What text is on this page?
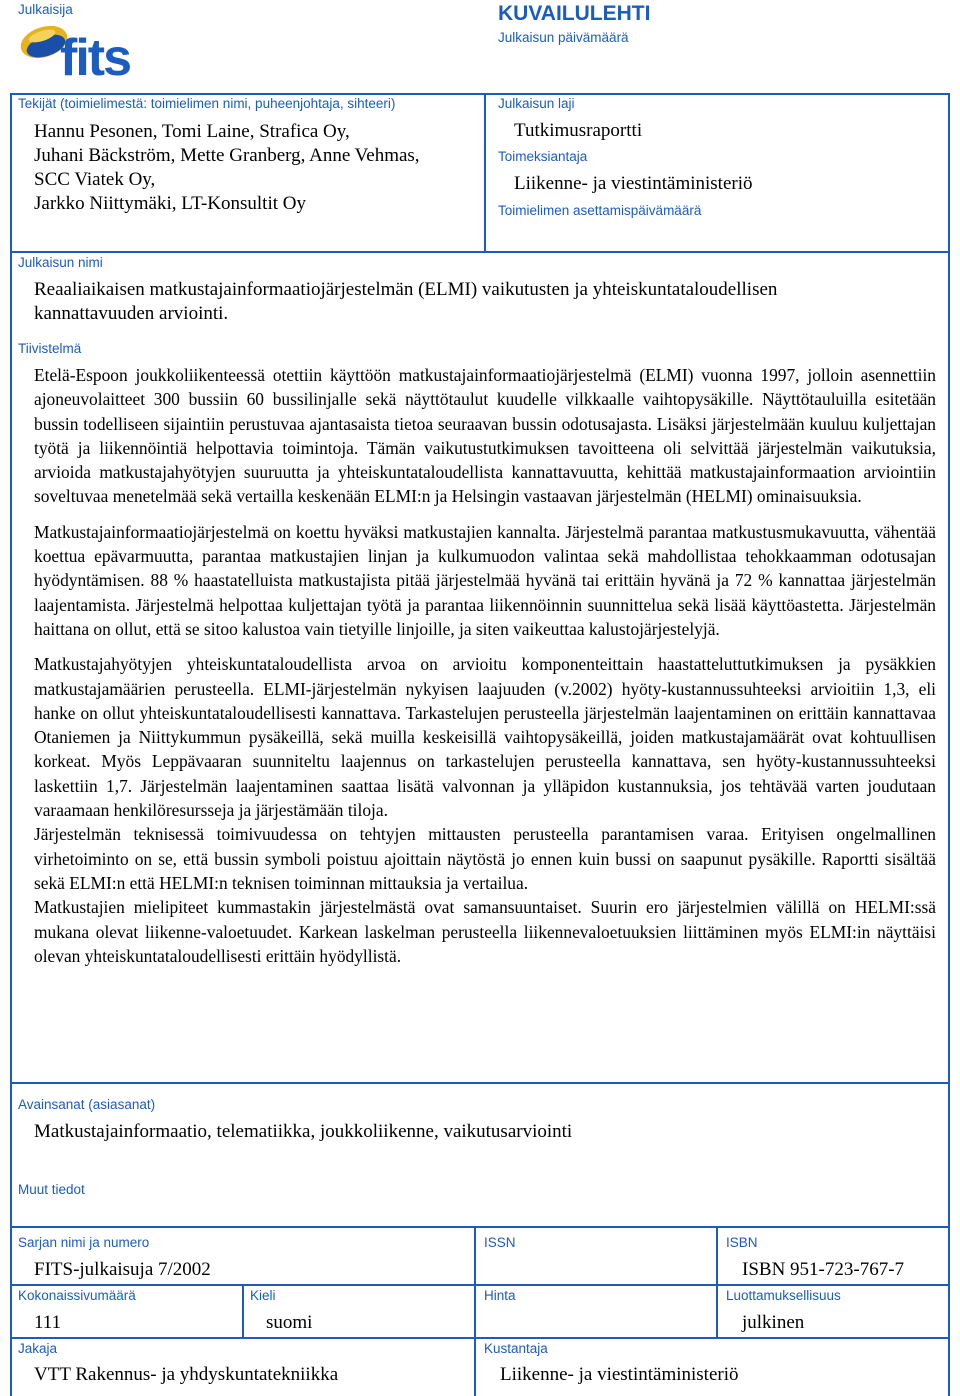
Julkaisija
fits
KUVAILULEHTI
Julkaisun päivämäärä
Tekijät (toimielimestä: toimielimen nimi, puheenjohtaja, sihteeri)
Hannu Pesonen, Tomi Laine, Strafica Oy,
Juhani Bäckström, Mette Granberg, Anne Vehmas,
SCC Viatek Oy,
Jarkko Niittymäki, LT-Konsultit Oy
Julkaisun laji
Tutkimusraportti
Toimeksiantaja
Liikenne- ja viestintäministeriö
Toimielimen asettamispäivämäärä
Julkaisun nimi
Reaaliaikaisen matkustajainformaatiojärjestelmän (ELMI) vaikutusten ja yhteiskuntataloudellisen
kannattavuuden arviointi.
Tiivistelmä

Etelä-Espoon joukkoliikenteessä otettiin käyttöön matkustajainformaatiojärjestelmä (ELMI) vuonna 1997, jolloin asennettiin ajoneuvolaitteet 300 bussiin 60 bussilinjalle sekä näyttötaulut kuudelle vilkkaalle vaihtopysäkille. Näyttötauluilla esitetään bussin todelliseen sijaintiin perustuvaa ajantasaista tietoa seuraavan bussin odotusajasta. Lisäksi järjestelmään kuuluu kuljettajan työtä ja liikennöintiä helpottavia toimintoja. Tämän vaikutustutkimuksen tavoitteena oli selvittää järjestelmän vaikutuksia, arvioida matkustajahyötyjen suuruutta ja yhteiskuntataloudellista kannattavuutta, kehittää matkustajainformaation arviointiin soveltuvaa menetelmää sekä vertailla keskenään ELMI:n ja Helsingin vastaavan järjestelmän (HELMI) ominaisuuksia.

Matkustajainformaatiojärjestelmä on koettu hyväksi matkustajien kannalta. Järjestelmä parantaa matkustusmukavuutta, vähentää koettua epävarmuutta, parantaa matkustajien linjan ja kulkumuodon valintaa sekä mahdollistaa tehokkaamman odotusajan hyödyntämisen. 88 % haastatelluista matkustajista pitää järjestelmää hyvänä tai erittäin hyvänä ja 72 % kannattaa järjestelmän laajentamista. Järjestelmä helpottaa kuljettajan työtä ja parantaa liikennöinnin suunnittelua sekä lisää käyttöastetta. Järjestelmän haittana on ollut, että se sitoo kalustoa vain tietyille linjoille, ja siten vaikeuttaa kalustojärjestelyjä.

Matkustajahyötyjen yhteiskuntataloudellista arvoa on arvioitu komponenteittain haastatteluttutkimuksen ja pysäkkien matkustajamäärien perusteella. ELMI-järjestelmän nykyisen laajuuden (v.2002) hyöty-kustannussuhteeksi arvioitiin 1,3, eli hanke on ollut yhteiskuntataloudellisesti kannattava. Tarkastelujen perusteella järjestelmän laajentaminen on erittäin kannattavaa Otaniemen ja Niittykummun pysäkeillä, sekä muilla keskeisillä vaihtopysäkeillä, joiden matkustajamäärät ovat kohtuullisen korkeat. Myös Leppävaaran suunniteltu laajennus on tarkastelujen perusteella kannattava, sen hyöty-kustannussuhteeksi laskettiin 1,7. Järjestelmän laajentaminen saattaa lisätä valvonnan ja ylläpidon kustannuksia, jos tehtävää varten joudutaan varaamaan henkilöresursseja ja järjestämään tiloja.

Järjestelmän teknisessä toimivuudessa on tehtyjen mittausten perusteella parantamisen varaa. Erityisen ongelmallinen virhetoiminto on se, että bussin symboli poistuu ajoittain näytöstä jo ennen kuin bussi on saapunut pysäkille. Raportti sisältää sekä ELMI:n että HELMI:n teknisen toiminnan mittauksia ja vertailua.

Matkustajien mielipiteet kummastakin järjestelmästä ovat samansuuntaiset. Suurin ero järjestelmien välillä on HELMI:ssä mukana olevat liikenne-valoetuudet. Karkean laskelman perusteella liikennevaloetuuksien liittäminen myös ELMI:in näyttäisi olevan yhteiskuntataloudellisesti erittäin hyödyllistä.

Avainsanat (asiasanat)
Matkustajainformaatio, telematiikka, joukkoliikenne, vaikutusarviointi
Muut tiedot
Sarjan nimi ja numero
FITS-julkaisuja 7/2002
ISSN	ISBN
ISBN 951-723-767-7
Kokonaissivumäärä
111
Kieli
suomi
Hinta	Luottamuksellisuus
julkinen
Jakaja
VTT Rakennus- ja yhdyskuntatekniikka
Kustantaja
Liikenne- ja viestintäministeriö
